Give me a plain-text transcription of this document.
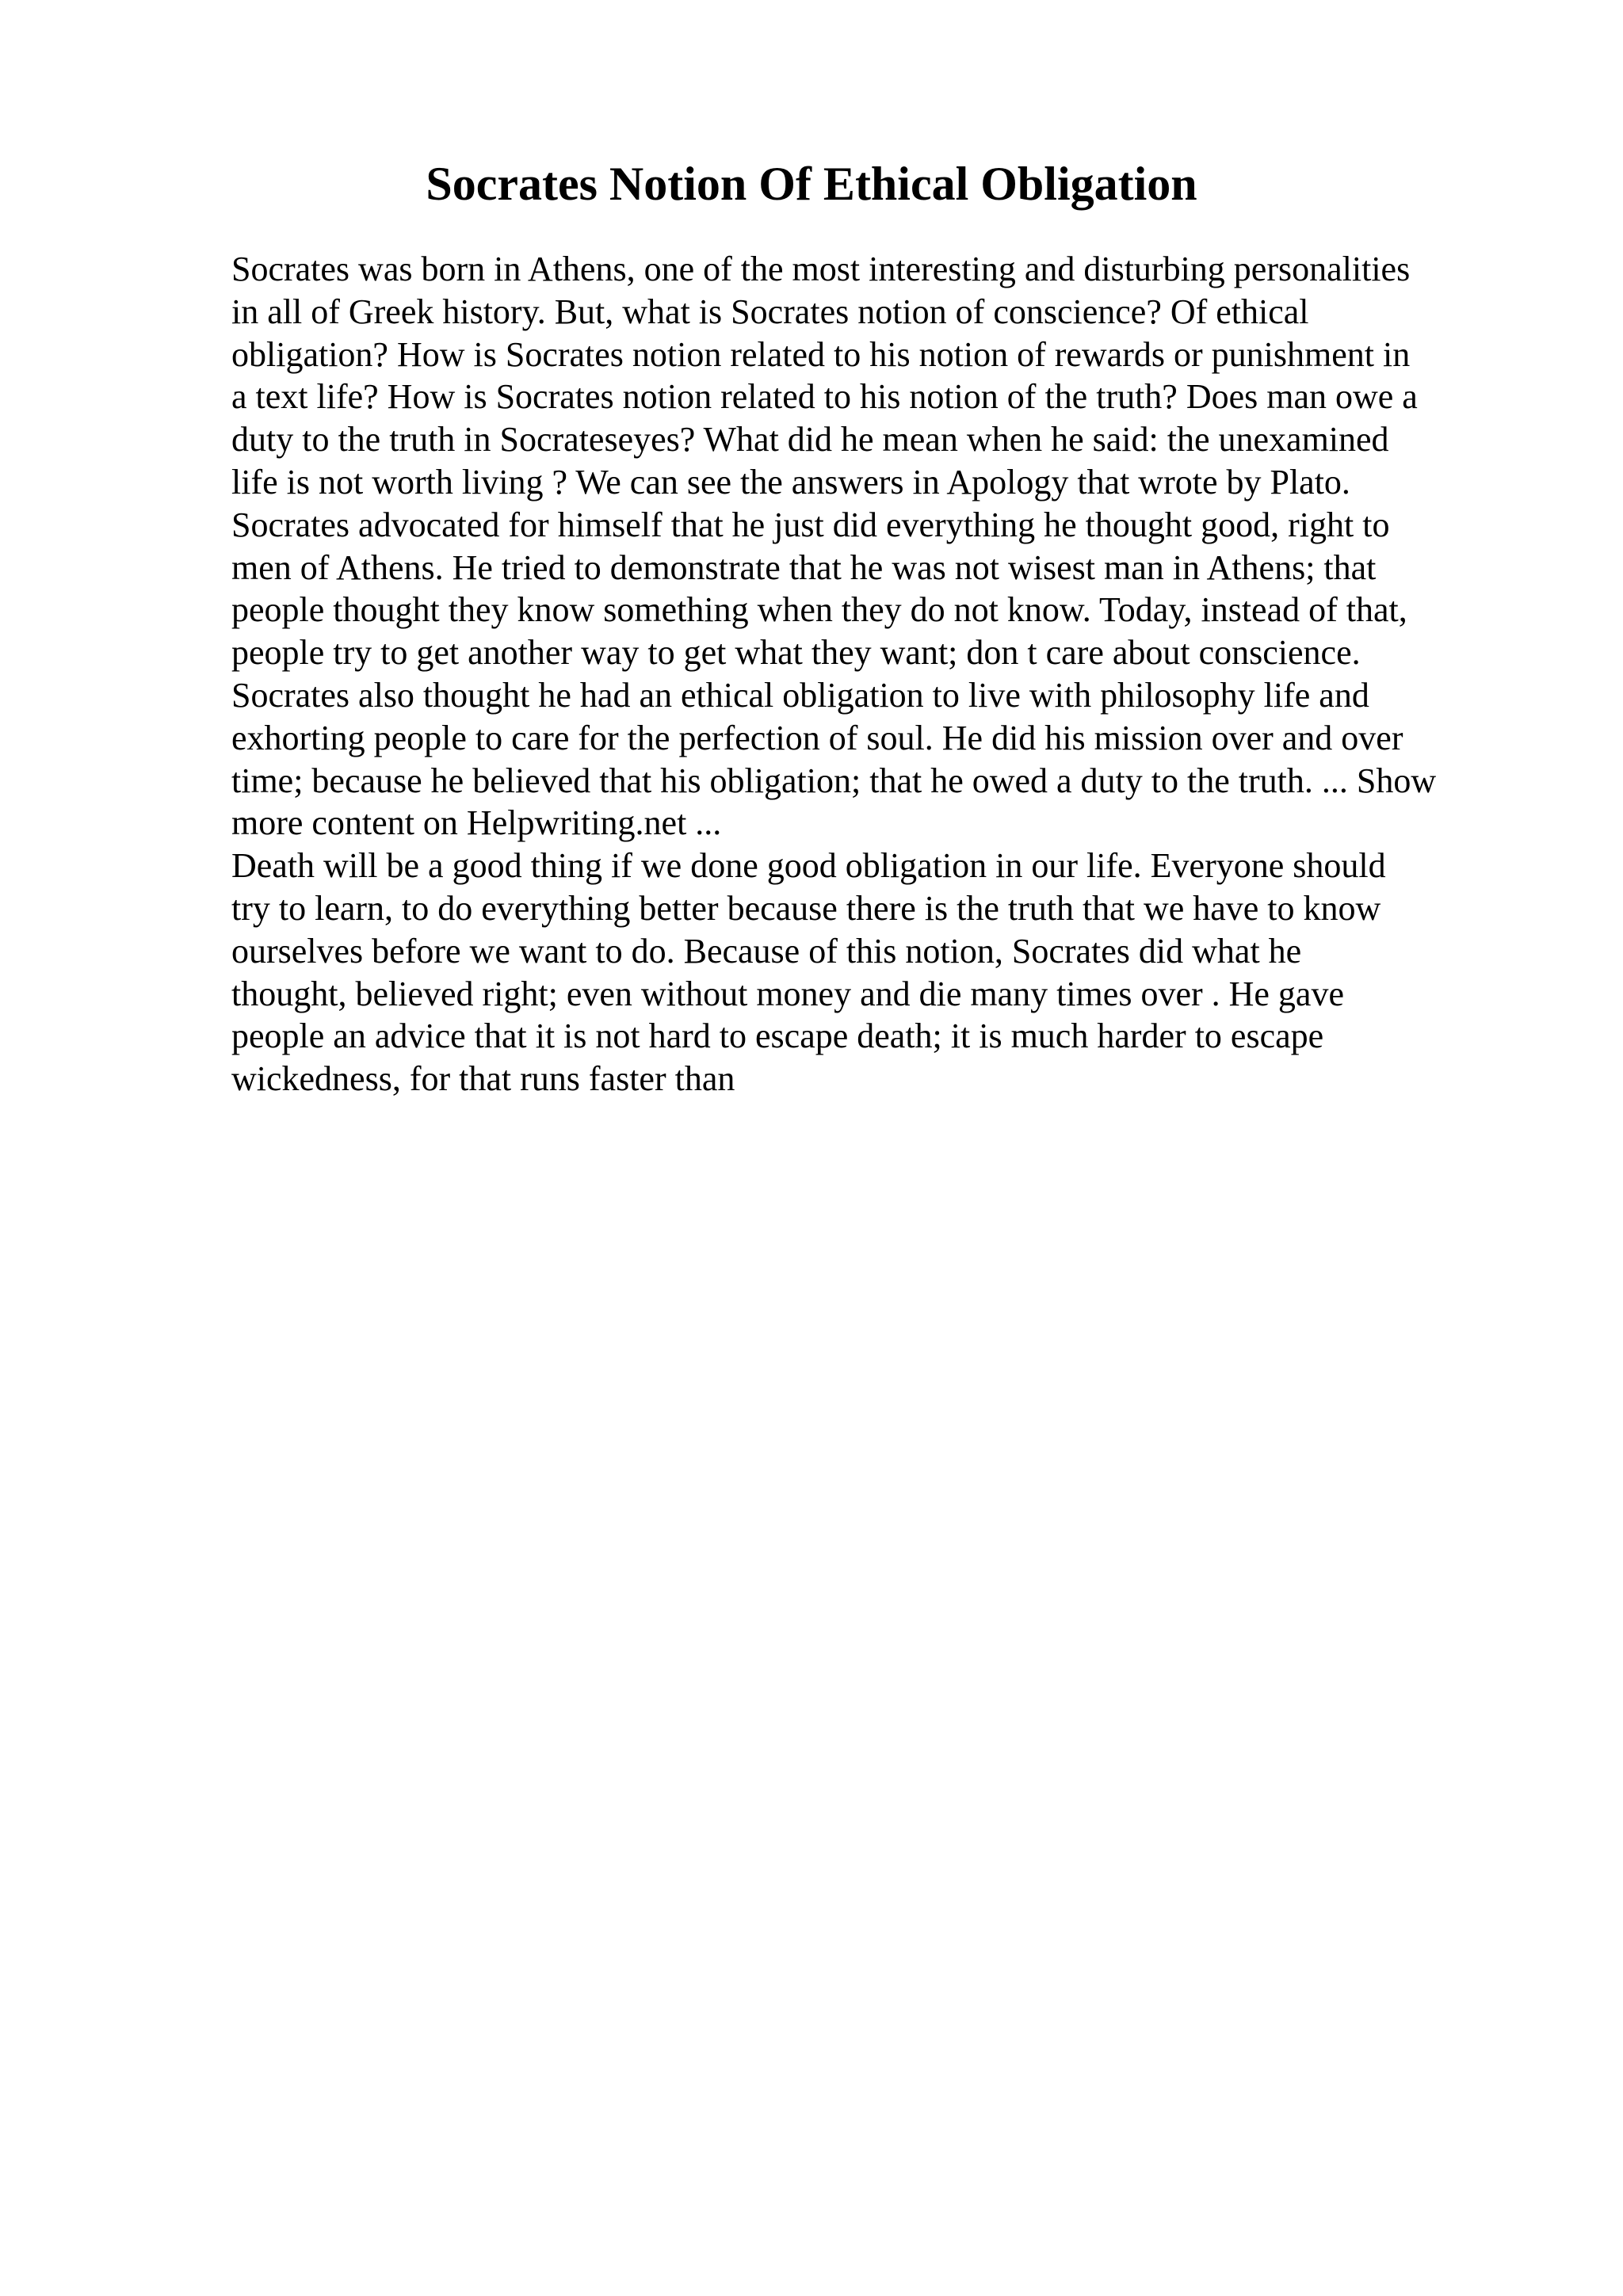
Socrates Notion Of Ethical Obligation
Socrates was born in Athens, one of the most interesting and disturbing personalities
in all of Greek history. But, what is Socrates notion of conscience? Of ethical
obligation? How is Socrates notion related to his notion of rewards or punishment in
a text life? How is Socrates notion related to his notion of the truth? Does man owe a
duty to the truth in Socrateseyes? What did he mean when he said: the unexamined
life is not worth living ? We can see the answers in Apology that wrote by Plato.
Socrates advocated for himself that he just did everything he thought good, right to
men of Athens. He tried to demonstrate that he was not wisest man in Athens; that
people thought they know something when they do not know. Today, instead of that,
people try to get another way to get what they want; don t care about conscience.
Socrates also thought he had an ethical obligation to live with philosophy life and
exhorting people to care for the perfection of soul. He did his mission over and over
time; because he believed that his obligation; that he owed a duty to the truth. ... Show
more content on Helpwriting.net ...
Death will be a good thing if we done good obligation in our life. Everyone should
try to learn, to do everything better because there is the truth that we have to know
ourselves before we want to do. Because of this notion, Socrates did what he
thought, believed right; even without money and die many times over . He gave
people an advice that it is not hard to escape death; it is much harder to escape
wickedness, for that runs faster than
